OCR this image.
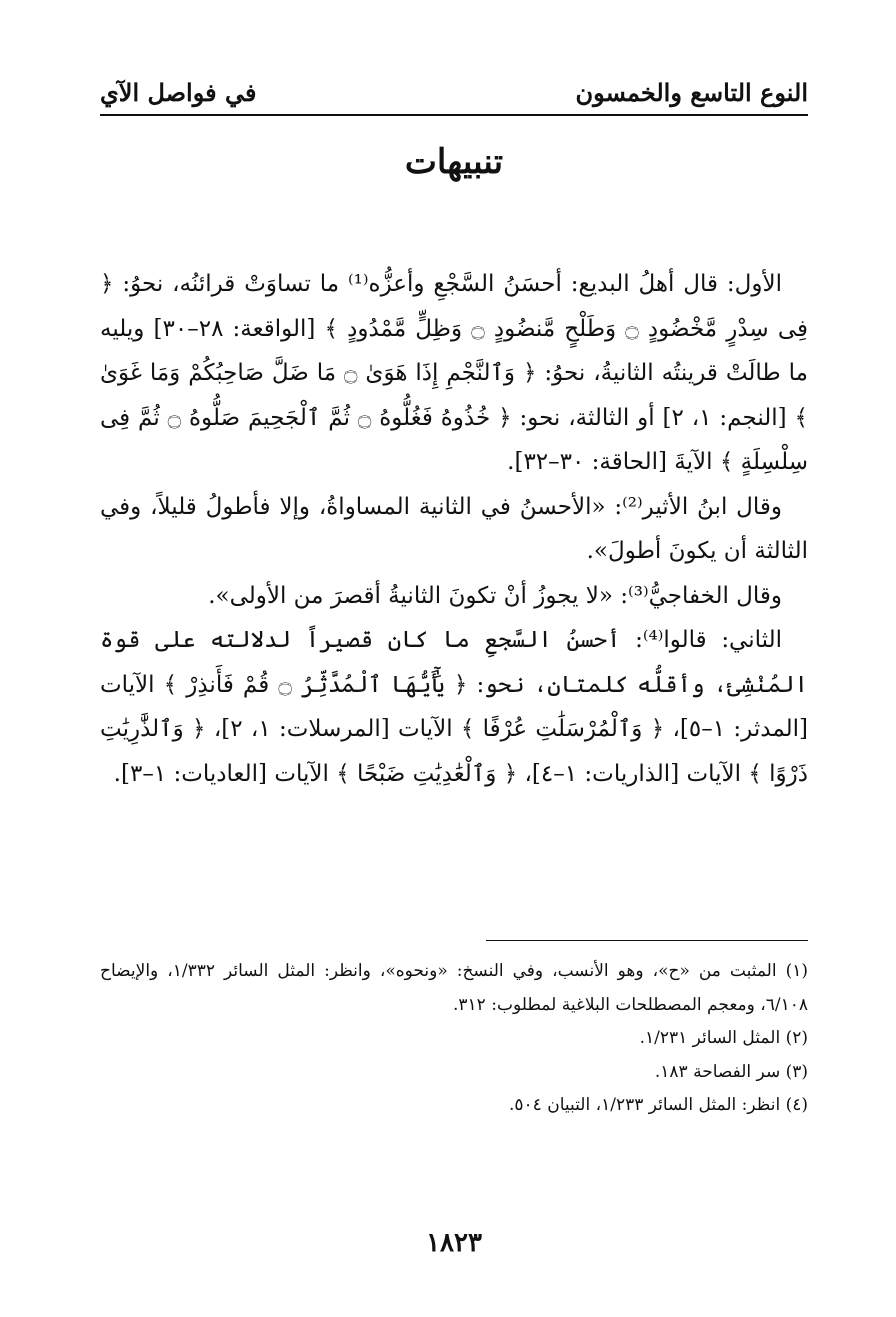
النوع التاسع والخمسون
في فواصل الآي
تنبيهات

الأول: قال أهلُ البديع: أحسَنُ السَّجْعِ وأعزُّه⁽¹⁾ ما تساوَتْ قرائنُه، نحوُ: ﴿ فِى سِدْرٍ مَّخْضُودٍ ۝ وَطَلْحٍ مَّنضُودٍ ۝ وَظِلٍّ مَّمْدُودٍ ﴾ [الواقعة: ٢٨–٣٠] ويليه ما طالَتْ قرينتُه الثانيةُ، نحوُ: ﴿ وَٱلنَّجْمِ إِذَا هَوَىٰ ۝ مَا ضَلَّ صَاحِبُكُمْ وَمَا غَوَىٰ ﴾ [النجم: ١، ٢] أو الثالثة، نحو: ﴿ خُذُوهُ فَغُلُّوهُ ۝ ثُمَّ ٱلْجَحِيمَ صَلُّوهُ ۝ ثُمَّ فِى سِلْسِلَةٍ ﴾ الآيةَ [الحاقة: ٣٠–٣٢].

وقال ابنُ الأثير⁽²⁾: «الأحسنُ في الثانية المساواةُ، وإلا فأطولُ قليلاً، وفي الثالثة أن يكونَ أطولَ».

وقال الخفاجيُّ⁽³⁾: «لا يجوزُ أنْ تكونَ الثانيةُ أقصرَ من الأولى».

الثاني: قالوا⁽⁴⁾: أحسنُ السَّجعِ ما كان قصيراً لدلالته على قوة المُنْشِئ، وأقلُّه كلمتان، نحو: ﴿ يَٰٓأَيُّهَا ٱلْمُدَّثِّرُ ۝ قُمْ فَأَنذِرْ ﴾ الآيات [المدثر: ١–٥]، ﴿ وَٱلْمُرْسَلَٰتِ عُرْفًا ﴾ الآيات [المرسلات: ١، ٢]، ﴿ وَٱلذَّٰرِيَٰتِ ذَرْوًا ﴾ الآيات [الذاريات: ١–٤]، ﴿ وَٱلْعَٰدِيَٰتِ ضَبْحًا ﴾ الآيات [العاديات: ١–٣].

(١) المثبت من «ح»، وهو الأنسب، وفي النسخ: «ونحوه»، وانظر: المثل السائر ١/٣٣٢، والإيضاح ٦/١٠٨، ومعجم المصطلحات البلاغية لمطلوب: ٣١٢.

(٢) المثل السائر ١/٢٣١.

(٣) سر الفصاحة ١٨٣.

(٤) انظر: المثل السائر ١/٢٣٣، التبيان ٥٠٤.

١٨٢٣
